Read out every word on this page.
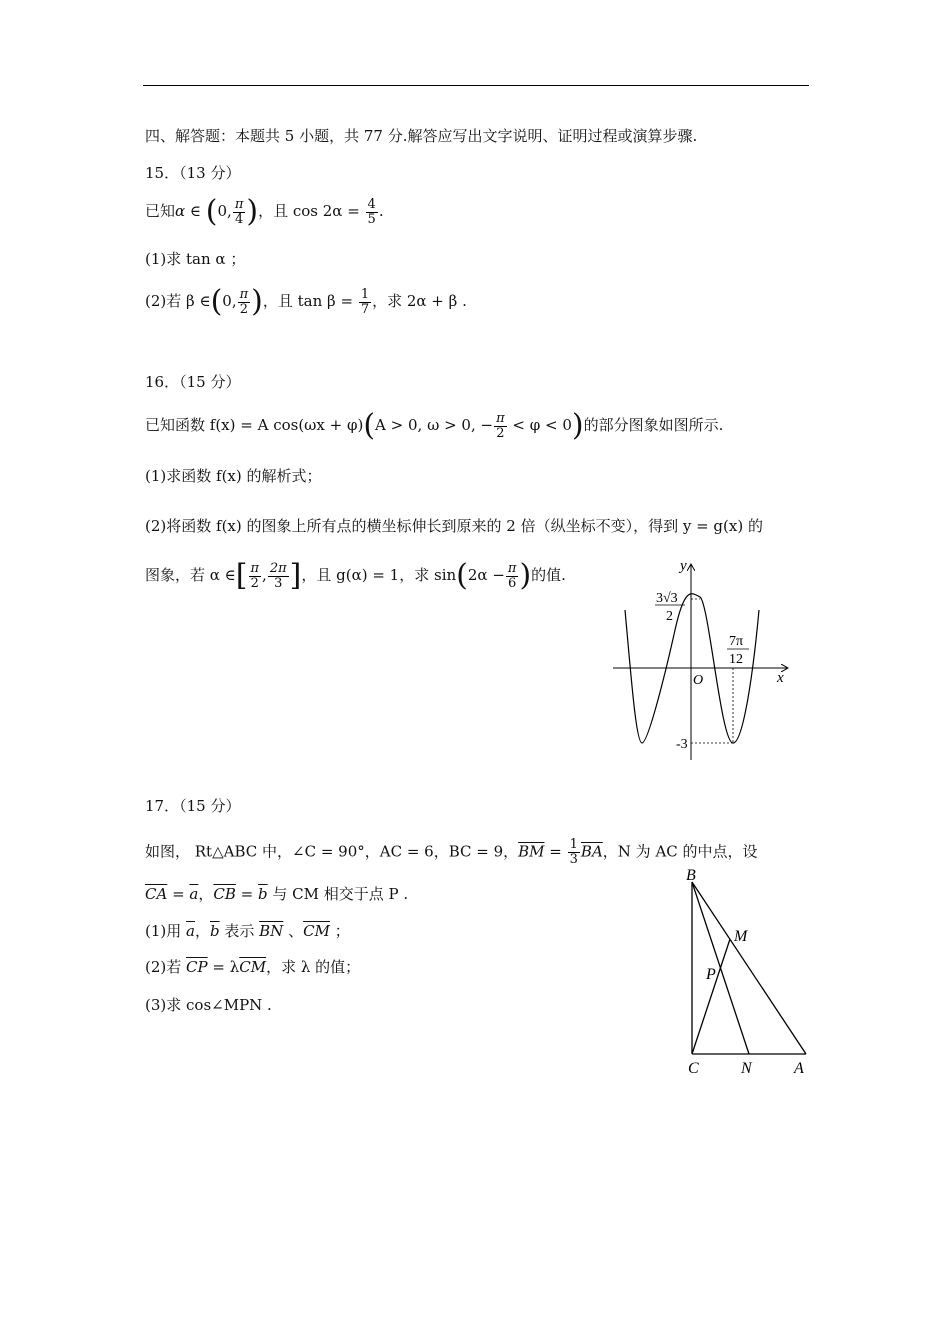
四、解答题：本题共 5 小题，共 77 分.解答应写出文字说明、证明过程或演算步骤.
15．（13 分）
已知α ∈ (0, $\frac{\pi}{4}$ )，且 $\cos 2\alpha = \frac{4}{5}$ .
(1)求 tan α ；
(2)若 β ∈(0, $\frac{\pi}{2}$ )，且 $\tan \beta = \frac{1}{7}$ ，求 2α + β .
16．（15 分）
已知函数 f(x) = A cos(ωx + φ)(A > 0, ω > 0, − $\frac{\pi}{2} < \varphi < 0$)的部分图象如图所示.
(1)求函数 f(x) 的解析式；
(2)将函数 f(x) 的图象上所有点的横坐标伸长到原来的 2 倍（纵坐标不变），得到 y = g(x) 的
图象，若 α ∈[ $\frac{\pi}{2}$ , $\frac{2\pi}{3}$ ]，且 g(α) = 1，求 $\sin(2\alpha - \frac{\pi}{6}$ )的值.	y
x
O
3√3
2
7π
12
-3
17．（15 分）
如图， Rt△ABC 中，∠C = 90°，AC = 6，BC = 9，$\overline{BM} = \frac{1}{3} \overline{BA}$，N 为 AC 的中点，设
$\overline{CA} = \overline{a}$，$\overline{CB} = \overline{b}$ 与 CM 相交于点 P .
(1)用 $\overline{a}$，$\overline{b}$ 表示 $\overline{BN}$ 、$\overline{CM}$ ；
(2)若 $\overline{CP} = \lambda\overline{CM}$，求 λ 的值；
(3)求 cos∠MPN .
B
M
P
C	N	A
